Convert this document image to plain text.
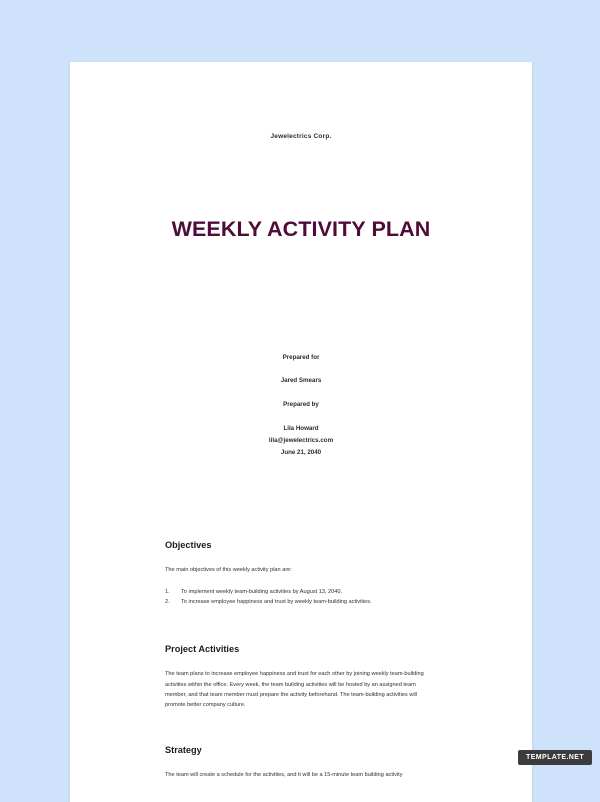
Jewelectrics Corp.
WEEKLY ACTIVITY PLAN

Prepared for

Jared Smears

Prepared by

Lila Howard

lila@jewelectrics.com

June 21, 2040

Objectives

The main objectives of this weekly activity plan are:

1.	To implement weekly team-building activities by August 13, 2040.
2.	To increase employee happiness and trust by weekly team-building activities.
Project Activities

The team plans to increase employee happiness and trust for each other by joining weekly team-building activities within the office. Every week, the team building activities will be hosted by an assigned team member, and that team member must prepare the activity beforehand. The team-building activities will promote better company culture.

Strategy

The team will create a schedule for the activities, and it will be a 15-minute team building activity

TEMPLATE.NET
